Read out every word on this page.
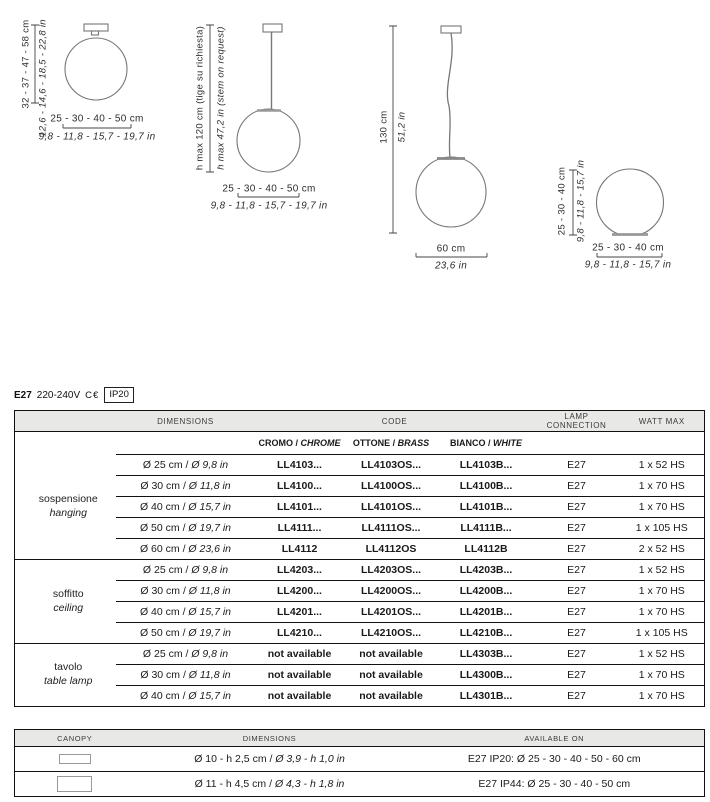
32 - 37 - 47 - 58 cm 12,6 - 14,6 - 18,5 - 22,8 in 25 - 30 - 40 - 50 cm
9,8 - 11,8 - 15,7 - 19,7 in	h max 120 cm (tige su richiesta) h max 47,2 in (stem on request)
25 - 30 - 40 - 50 cm
9,8 - 11,8 - 15,7 - 19,7 in
130 cm 51,2 in
60 cm
23,6 in
25 - 30 - 40 cm 9,8 - 11,8 - 15,7 in
25 - 30 - 40 cm
9,8 - 11,8 - 15,7 in
E27 220-240V C€	IP20
	DIMENSIONS	CODE			LAMP CONNECTION	WATT MAX
		CROMO / CHROME	OTTONE / BRASS	BIANCO / WHITE		

sospensione
hanging	Ø 25 cm / Ø 9,8 in	LL4103...	LL4103OS...	LL4103B...	E27	1 x 52 HS
	Ø 30 cm / Ø 11,8 in	LL4100...	LL4100OS...	LL4100B...	E27	1 x 70 HS
	Ø 40 cm / Ø 15,7 in	LL4101...	LL4101OS...	LL4101B...	E27	1 x 70 HS
	Ø 50 cm / Ø 19,7 in	LL4111...	LL4111OS...	LL4111B...	E27	1 x 105 HS
	Ø 60 cm / Ø 23,6 in	LL4112	LL4112OS	LL4112B	E27	2 x 52 HS

soffitto
ceiling	Ø 25 cm / Ø 9,8 in	LL4203...	LL4203OS...	LL4203B...	E27	1 x 52 HS
	Ø 30 cm / Ø 11,8 in	LL4200...	LL4200OS...	LL4200B...	E27	1 x 70 HS
	Ø 40 cm / Ø 15,7 in	LL4201...	LL4201OS...	LL4201B...	E27	1 x 70 HS
	Ø 50 cm / Ø 19,7 in	LL4210...	LL4210OS...	LL4210B...	E27	1 x 105 HS

tavolo
table lamp	Ø 25 cm / Ø 9,8 in	not available	not available	LL4303B...	E27	1 x 52 HS
	Ø 30 cm / Ø 11,8 in	not available	not available	LL4300B...	E27	1 x 70 HS
	Ø 40 cm / Ø 15,7 in	not available	not available	LL4301B...	E27	1 x 70 HS
CANOPY	DIMENSIONS	AVAILABLE ON
	Ø 10 - h 2,5 cm / Ø 3,9 - h 1,0 in	E27 IP20: Ø 25 - 30 - 40 - 50 - 60 cm
	Ø 11 - h 4,5 cm / Ø 4,3 - h 1,8 in	E27 IP44: Ø 25 - 30 - 40 - 50 cm
